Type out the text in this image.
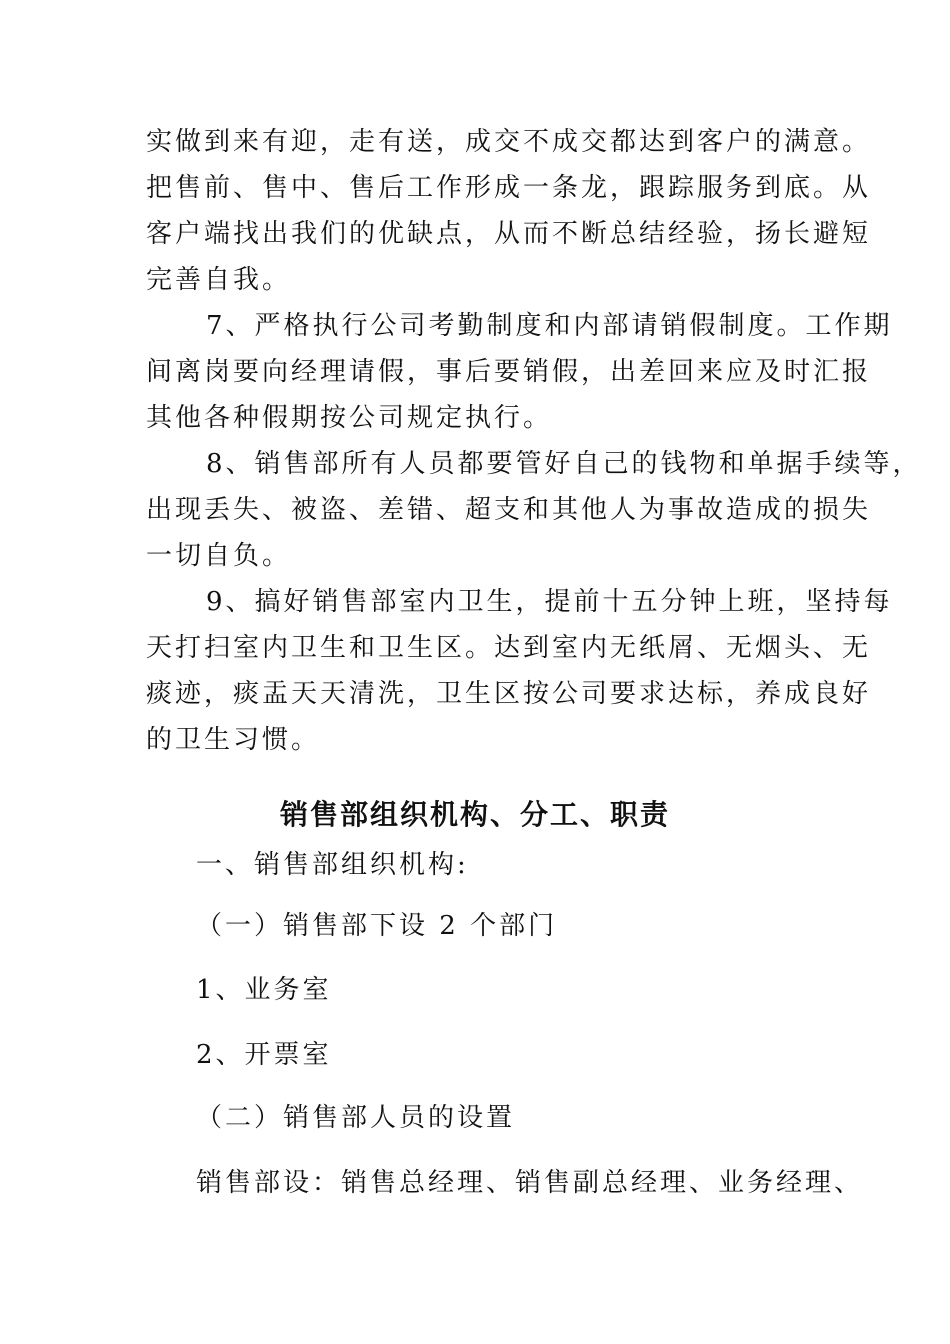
实做到来有迎，走有送，成交不成交都达到客户的满意。
把售前、售中、售后工作形成一条龙，跟踪服务到底。从
客户端找出我们的优缺点，从而不断总结经验，扬长避短
完善自我。
7、严格执行公司考勤制度和内部请销假制度。工作期
间离岗要向经理请假，事后要销假，出差回来应及时汇报
其他各种假期按公司规定执行。
8、销售部所有人员都要管好自己的钱物和单据手续等，
出现丢失、被盗、差错、超支和其他人为事故造成的损失
一切自负。
9、搞好销售部室内卫生，提前十五分钟上班，坚持每
天打扫室内卫生和卫生区。达到室内无纸屑、无烟头、无
痰迹，痰盂天天清洗，卫生区按公司要求达标，养成良好
的卫生习惯。
销售部组织机构、分工、职责
一、销售部组织机构:
（一）销售部下设 2 个部门
1、业务室
2、开票室
（二）销售部人员的设置
销售部设：销售总经理、销售副总经理、业务经理、
